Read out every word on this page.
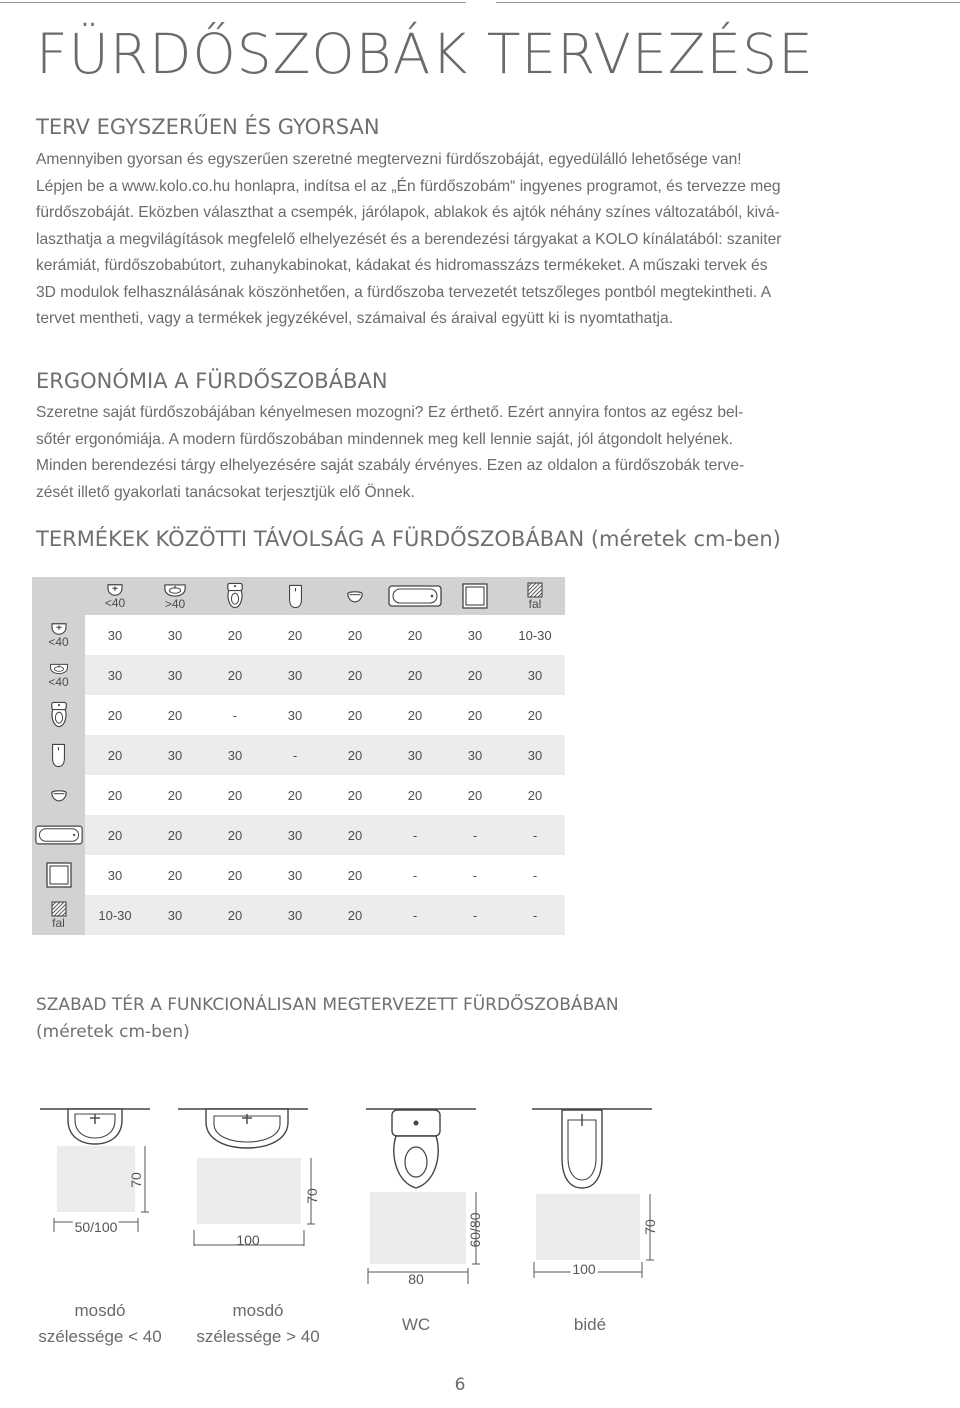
FÜRDŐSZOBÁK TERVEZÉSE
TERV EGYSZERŰEN ÉS GYORSAN
Amennyiben gyorsan és egyszerűen szeretné megtervezni fürdőszobáját, egyedülálló lehetősége van!
Lépjen be a www.kolo.co.hu honlapra, indítsa el az „Én fürdőszobám“ ingyenes programot, és tervezze meg
fürdőszobáját. Eközben választhat a csempék, járólapok, ablakok és ajtók néhány színes változatából, kivá-
laszthatja a megvilágítások megfelelő elhelyezését és a berendezési tárgyakat a KOLO kínálatából: szaniter
kerámiát, fürdőszobabútort, zuhanykabinokat, kádakat és hidromasszázs termékeket. A műszaki tervek és
3D modulok felhasználásának köszönhetően, a fürdőszoba tervezetét tetszőleges pontból megtekintheti. A
tervet mentheti, vagy a termékek jegyzékével, számaival és áraival együtt ki is nyomtathatja.
ERGONÓMIA A FÜRDŐSZOBÁBAN
Szeretne saját fürdőszobájában kényelmesen mozogni? Ez érthető. Ezért annyira fontos az egész bel-
sőtér ergonómiája. A modern fürdőszobában mindennek meg kell lennie saját, jól átgondolt helyének.
Minden berendezési tárgy elhelyezésére saját szabály érvényes. Ezen az oldalon a fürdőszobák terve-
zését illető gyakorlati tanácsokat terjesztjük elő Önnek.
TERMÉKEK KÖZÖTTI TÁVOLSÁG A FÜRDŐSZOBÁBAN (méretek cm-ben)

	<40	>40						fal

<40	30	30	20	20	20	20	30	10-30

<40	30	30	20	30	20	20	20	30

	20	20	-	30	20	20	20	20

	20	30	30	-	20	30	30	30

	20	20	20	20	20	20	20	20

	20	20	20	30	20	-	-	-

	30	20	20	30	20	-	-	-

fal	10-30	30	20	30	20	-	-	-
SZABAD TÉR A FUNKCIONÁLISAN MEGTERVEZETT FÜRDŐSZOBÁBAN
(méretek cm-ben)
50/100
70
100
70
80
60/80
100
70
mosdó
szélessége < 40
mosdó
szélessége > 40
WC	bidé
6
